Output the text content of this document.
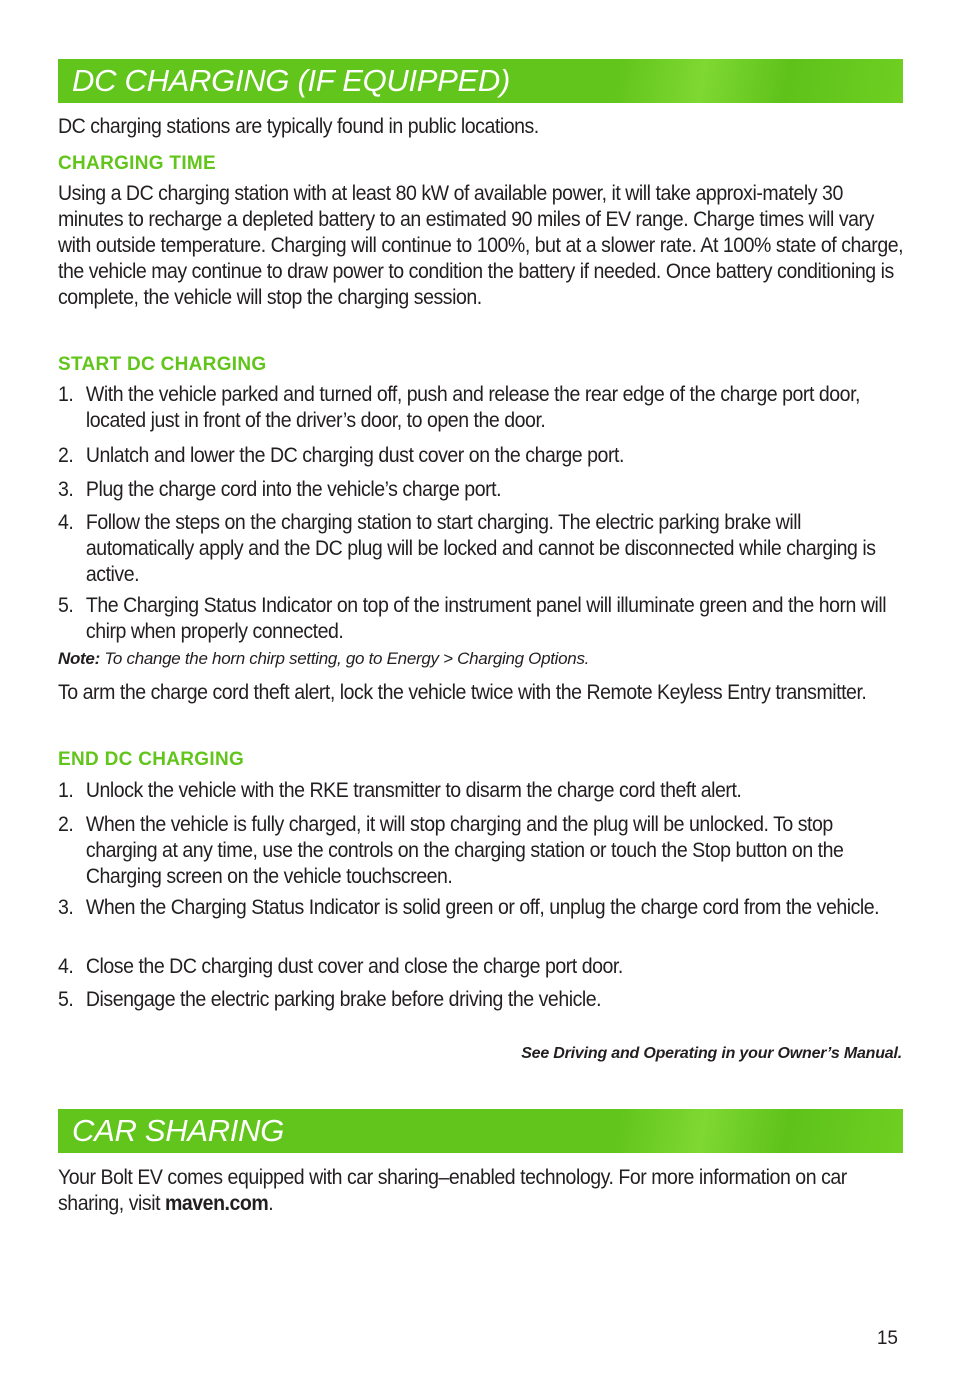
DC CHARGING (IF EQUIPPED)
DC charging stations are typically found in public locations.
CHARGING TIME
Using a DC charging station with at least 80 kW of available power, it will take approxi-mately 30 minutes to recharge a depleted battery to an estimated 90 miles of EV range. Charge times will vary with outside temperature. Charging will continue to 100%, but at a slower rate. At 100% state of charge, the vehicle may continue to draw power to condition the battery if needed. Once battery conditioning is complete, the vehicle will stop the charging session.
START DC CHARGING
1. With the vehicle parked and turned off, push and release the rear edge of the charge port door, located just in front of the driver’s door, to open the door.
2. Unlatch and lower the DC charging dust cover on the charge port.
3. Plug the charge cord into the vehicle’s charge port.
4. Follow the steps on the charging station to start charging. The electric parking brake will automatically apply and the DC plug will be locked and cannot be disconnected while charging is active.
5. The Charging Status Indicator on top of the instrument panel will illuminate green and the horn will chirp when properly connected.
Note: To change the horn chirp setting, go to Energy > Charging Options.
To arm the charge cord theft alert, lock the vehicle twice with the Remote Keyless Entry transmitter.
END DC CHARGING
1. Unlock the vehicle with the RKE transmitter to disarm the charge cord theft alert.
2. When the vehicle is fully charged, it will stop charging and the plug will be unlocked. To stop charging at any time, use the controls on the charging station or touch the Stop button on the Charging screen on the vehicle touchscreen.
3. When the Charging Status Indicator is solid green or off, unplug the charge cord from the vehicle.
4. Close the DC charging dust cover and close the charge port door.
5. Disengage the electric parking brake before driving the vehicle.
See Driving and Operating in your Owner’s Manual.
CAR SHARING
Your Bolt EV comes equipped with car sharing–enabled technology. For more information on car sharing, visit maven.com.
15
